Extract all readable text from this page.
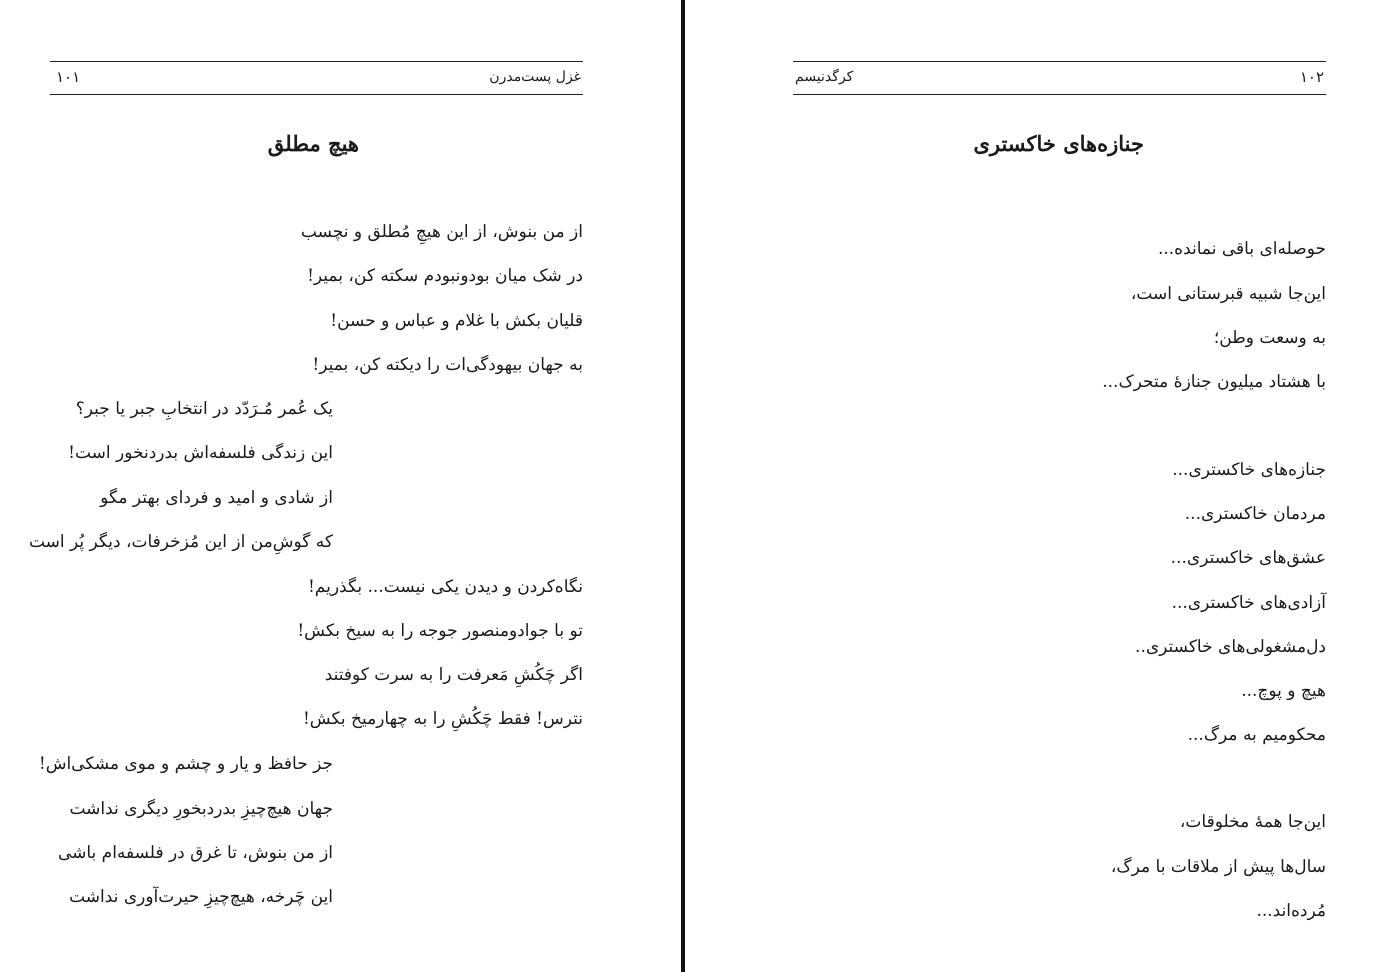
غزل پست‌مدرن
۱۰۱
هیچ مطلق
از من بنوش، از این هیچِ مُطلق و نچسب
در شک میان بودونبودم سکته کن، بمیر!
قلیان بکش با غلام و عباس و حسن!
به جهان بیهودگی‌ات را دیکته کن، بمیر!
یک عُمر مُـرَدّد در انتخابِ جبر یا جبر؟
این زندگی فلسفه‌اش بدردنخور است!
از شادی و امید و فردای بهتر مگو
که گوشِ‌من از این مُزخرفات، دیگر پُر است
نگاه‌کردن و دیدن یکی نیست... بگذریم!
تو با جوادومنصور جوجه را به سیخ بکش!
اگر چَکُشِ مَعرفت را به سرت کوفتند
نترس! فقط چَکُشِ را به چهارمیخ بکش!
جز حافظ و یار و چشم و موی مشکی‌اش!
جهان هیچ‌چیزِ بدردبخورِ دیگری نداشت
از من بنوش، تا غرق در فلسفه‌ام باشی
این چَرخه، هیچ‌چیزِ حیرت‌آوری نداشت
کرگدنیسم	۱۰۲
جنازه‌های خاکستری
حوصله‌ای باقی نمانده...
این‌جا شبیه قبرستانی است،
به وسعت وطن؛
با هشتاد میلیون جنازهٔ متحرک...
جنازه‌های خاکستری...
مردمان خاکستری...
عشق‌های خاکستری...
آزادی‌های خاکستری...
دل‌مشغولی‌های خاکستری..
هیچ و پوچ...
محکومیم به مرگ...
این‌جا همهٔ مخلوقات،
سال‌ها پیش از ملاقات با مرگ،
مُرده‌اند...
